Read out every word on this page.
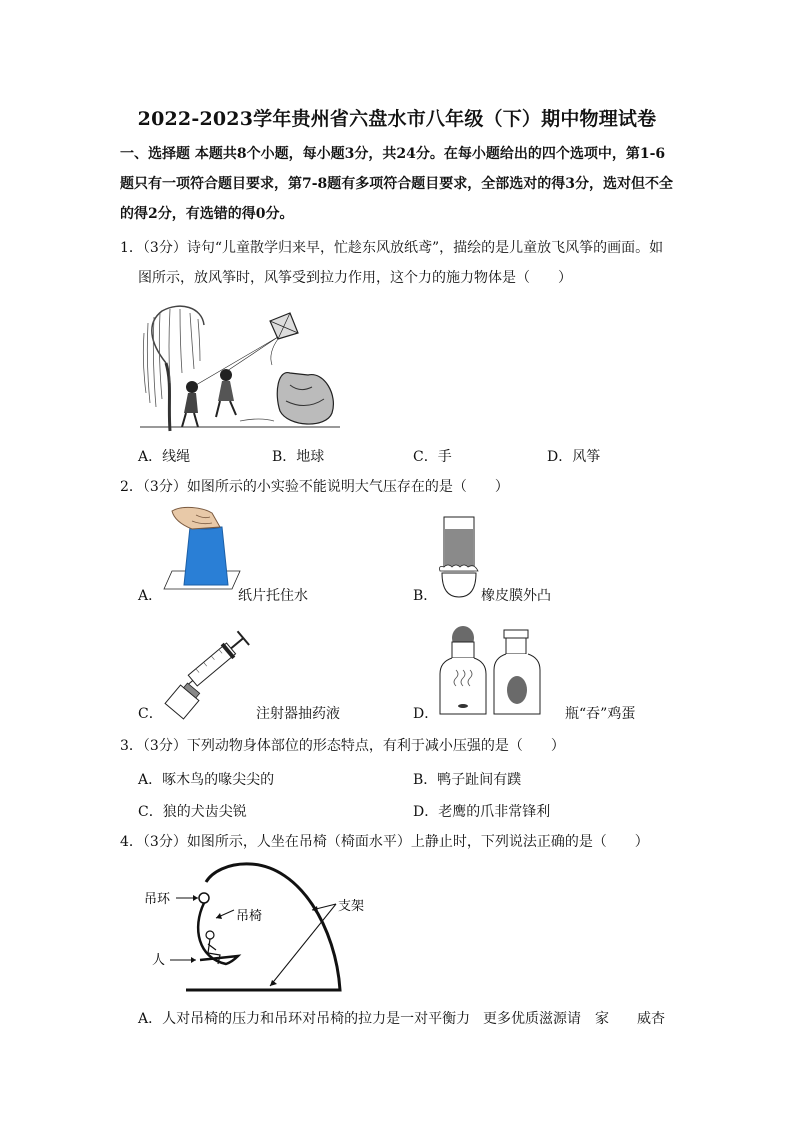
2022-2023学年贵州省六盘水市八年级（下）期中物理试卷
一、选择题 本题共8个小题，每小题3分，共24分。在每小题给出的四个选项中，第1-6
题只有一项符合题目要求，第7-8题有多项符合题目要求，全部选对的得3分，选对但不全
的得2分，有选错的得0分。
1．（3分）诗句“儿童散学归来早，忙趁东风放纸鸢”，描绘的是儿童放飞风筝的画面。如
图所示，放风筝时，风筝受到拉力作用，这个力的施力物体是（　　）
A．线绳	B．地球	C．手	D．风筝
2．（3分）如图所示的小实验不能说明大气压存在的是（　　）
A．	纸片托住水	B．	橡皮膜外凸
C．	注射器抽药液	D．	瓶“吞”鸡蛋
3．（3分）下列动物身体部位的形态特点，有利于减小压强的是（　　）
A．啄木鸟的喙尖尖的	B．鸭子趾间有蹼
C．狼的犬齿尖锐	D．老鹰的爪非常锋利
4．（3分）如图所示，人坐在吊椅（椅面水平）上静止时，下列说法正确的是（　　）
吊环
吊椅
支架
人
A．人对吊椅的压力和吊环对吊椅的拉力是一对平衡力 更多优质滋源请　家　　威杏
